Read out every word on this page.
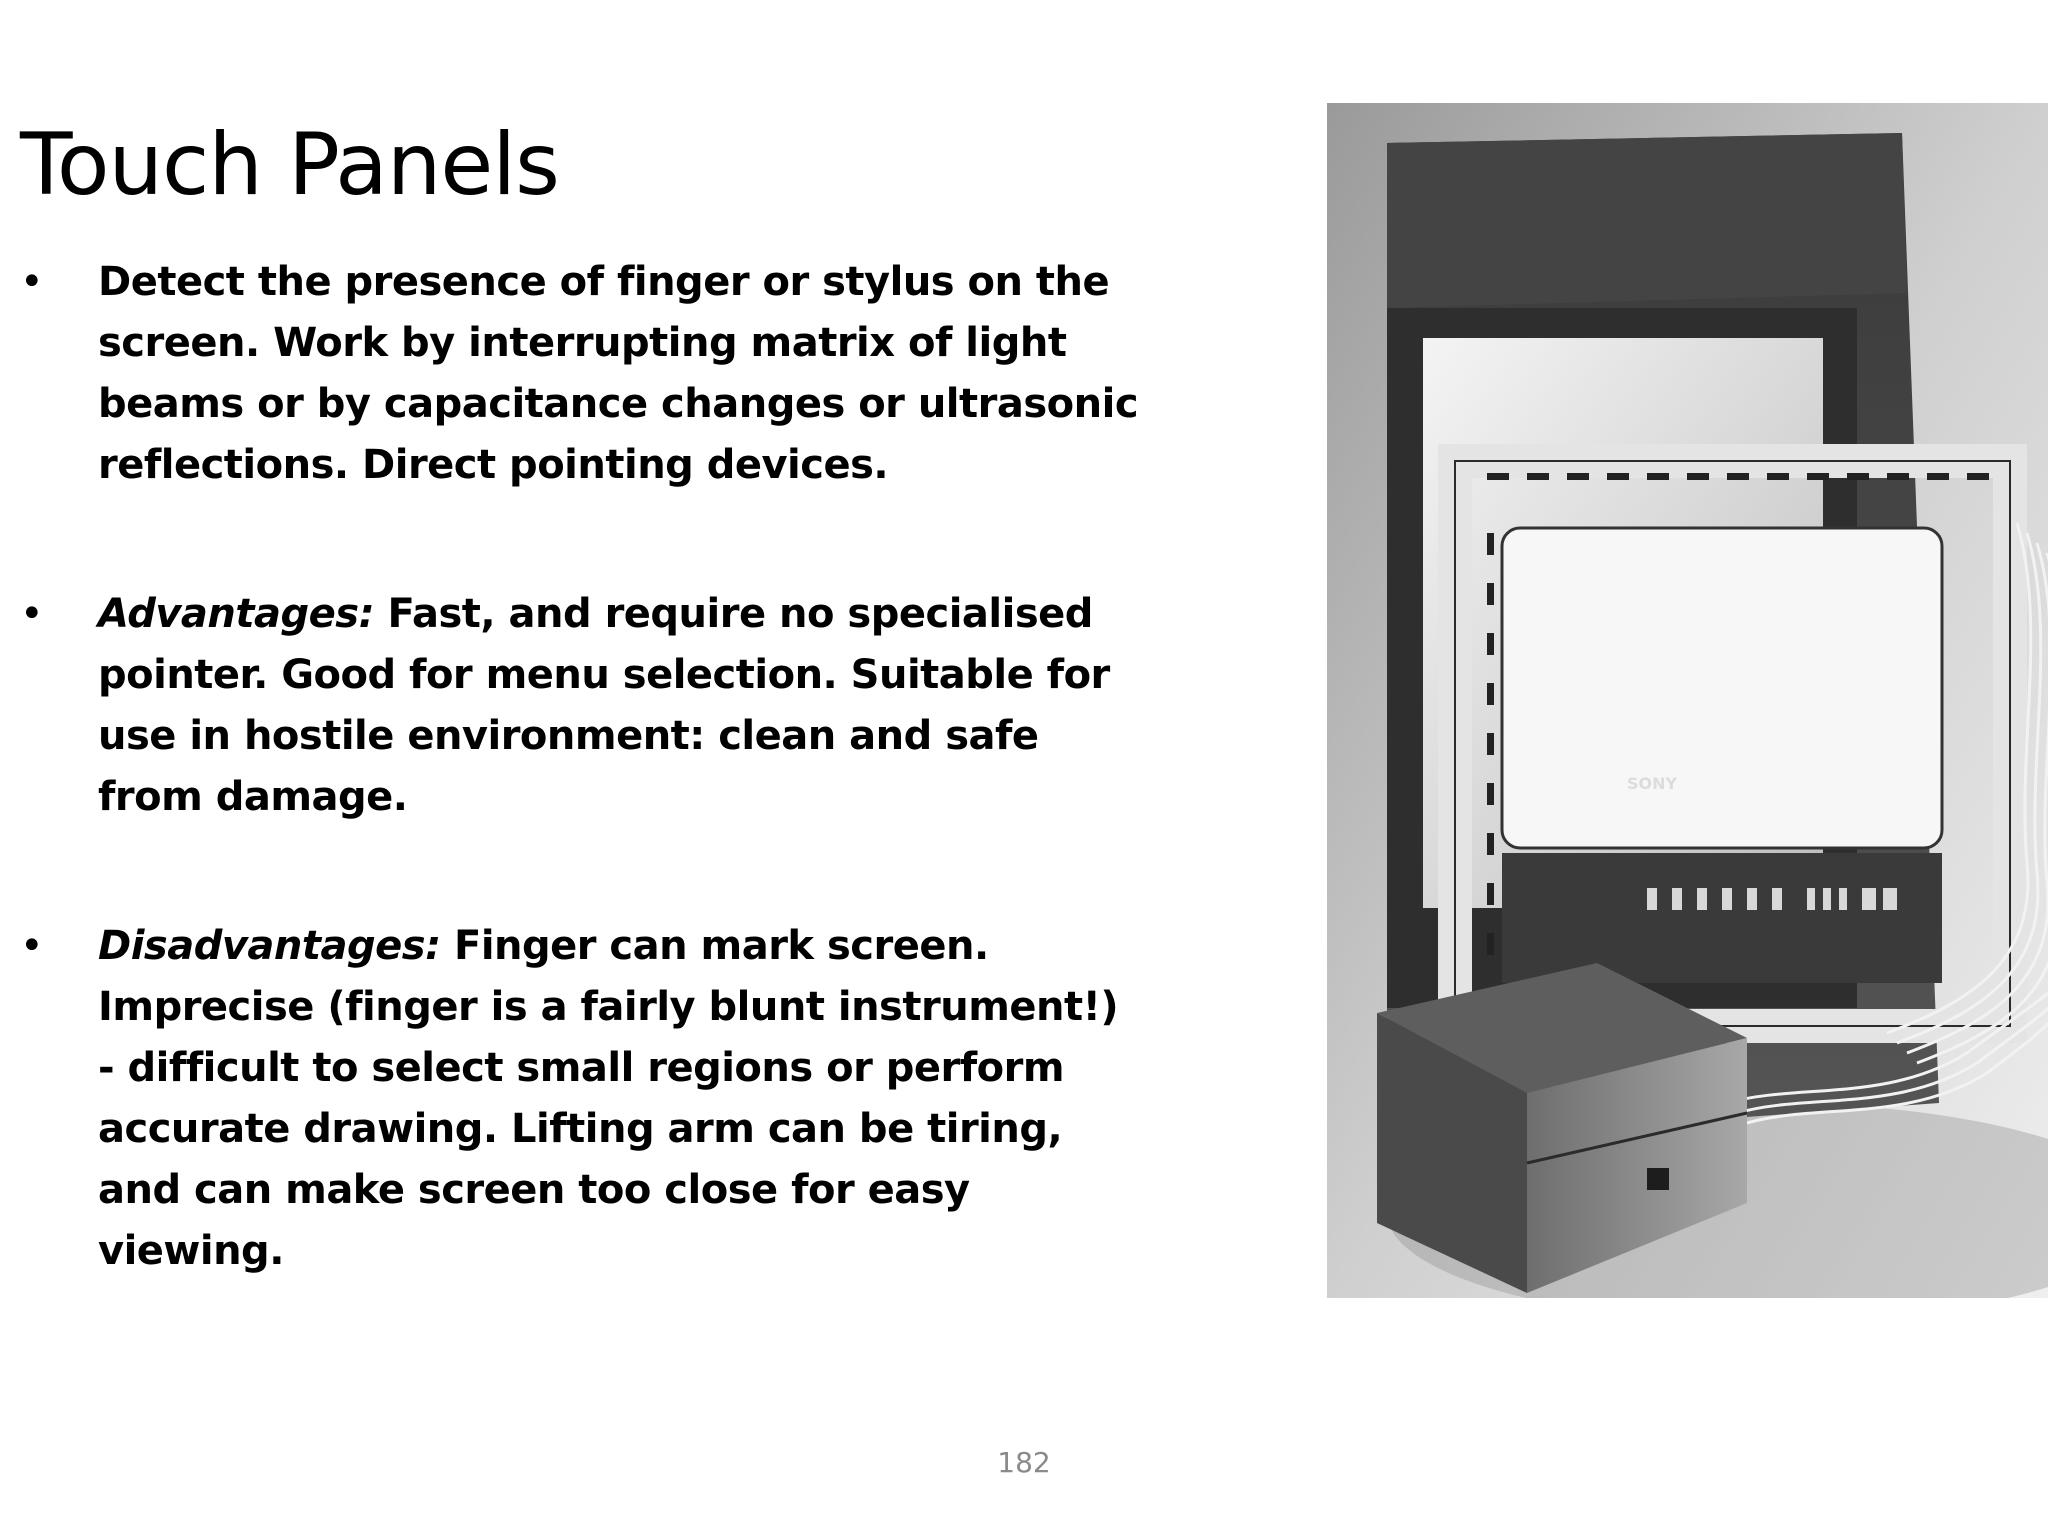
Touch Panels
• Detect the presence of finger or stylus on the screen. Work by interrupting matrix of light beams or by capacitance changes or ultrasonic reflections. Direct pointing devices.
• Advantages: Fast, and require no specialised pointer. Good for menu selection. Suitable for use in hostile environment: clean and safe from damage.
• Disadvantages: Finger can mark screen. Imprecise (finger is a fairly blunt instrument!) - difficult to select small regions or perform accurate drawing. Lifting arm can be tiring, and can make screen too close for easy viewing.
SONY
182
